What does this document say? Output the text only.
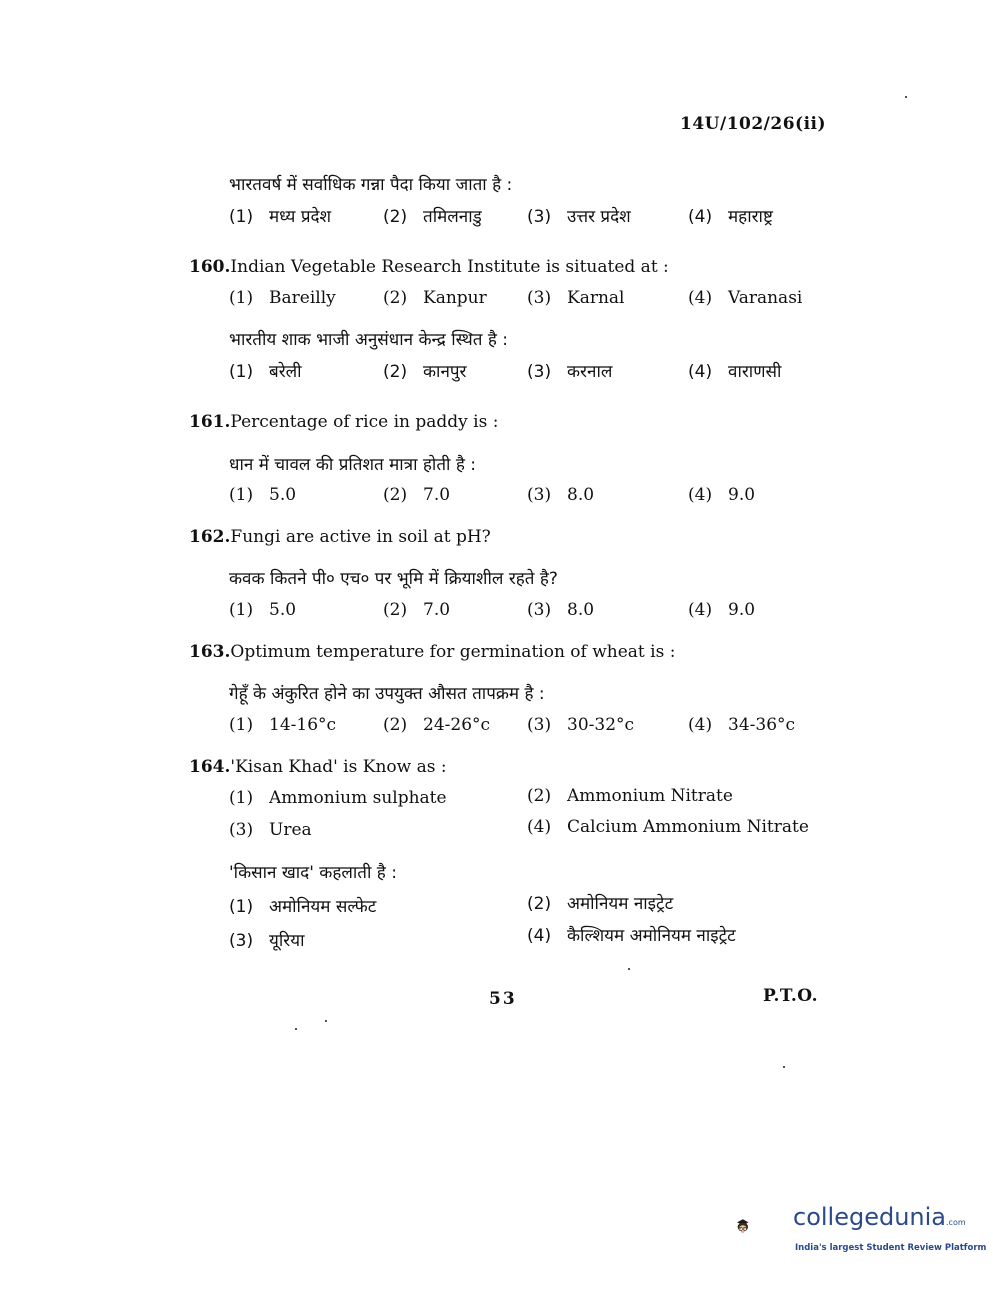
14U/102/26(ii)
भारतवर्ष में सर्वाधिक गन्ना पैदा किया जाता है :
(1) मध्य प्रदेश	(2) तमिलनाडु	(3) उत्तर प्रदेश	(4) महाराष्ट्र
160.Indian Vegetable Research Institute is situated at :
(1) Bareilly	(2) Kanpur (3) Karnal	(4) Varanasi
भारतीय शाक भाजी अनुसंधान केन्द्र स्थित है :
(1) बरेली	(2) कानपुर	(3) करनाल	(4) वाराणसी
161.Percentage of rice in paddy is :
धान में चावल की प्रतिशत मात्रा होती है :
(1) 5.0	(2) 7.0	(3) 8.0	(4) 9.0
162.Fungi are active in soil at pH?
कवक कितने पी० एच० पर भूमि में क्रियाशील रहते है?
(1) 5.0	(2) 7.0	(3) 8.0	(4) 9.0
163.Optimum temperature for germination of wheat is :
गेहूँ के अंकुरित होने का उपयुक्त औसत तापक्रम है :
(1) 14-16°c	(2) 24-26°c (3) 30-32°c	(4) 34-36°c
164.'Kisan Khad' is Know as :
(1) Ammonium sulphate	(2) Ammonium Nitrate
(3) Urea	(4) Calcium Ammonium Nitrate
'किसान खाद' कहलाती है :
(1) अमोनियम सल्फेट	(2) अमोनियम नाइट्रेट
(3) यूरिया	(4) कैल्शियम अमोनियम नाइट्रेट
53	P.T.O.
collegedunia.com
India's largest Student Review Platform
